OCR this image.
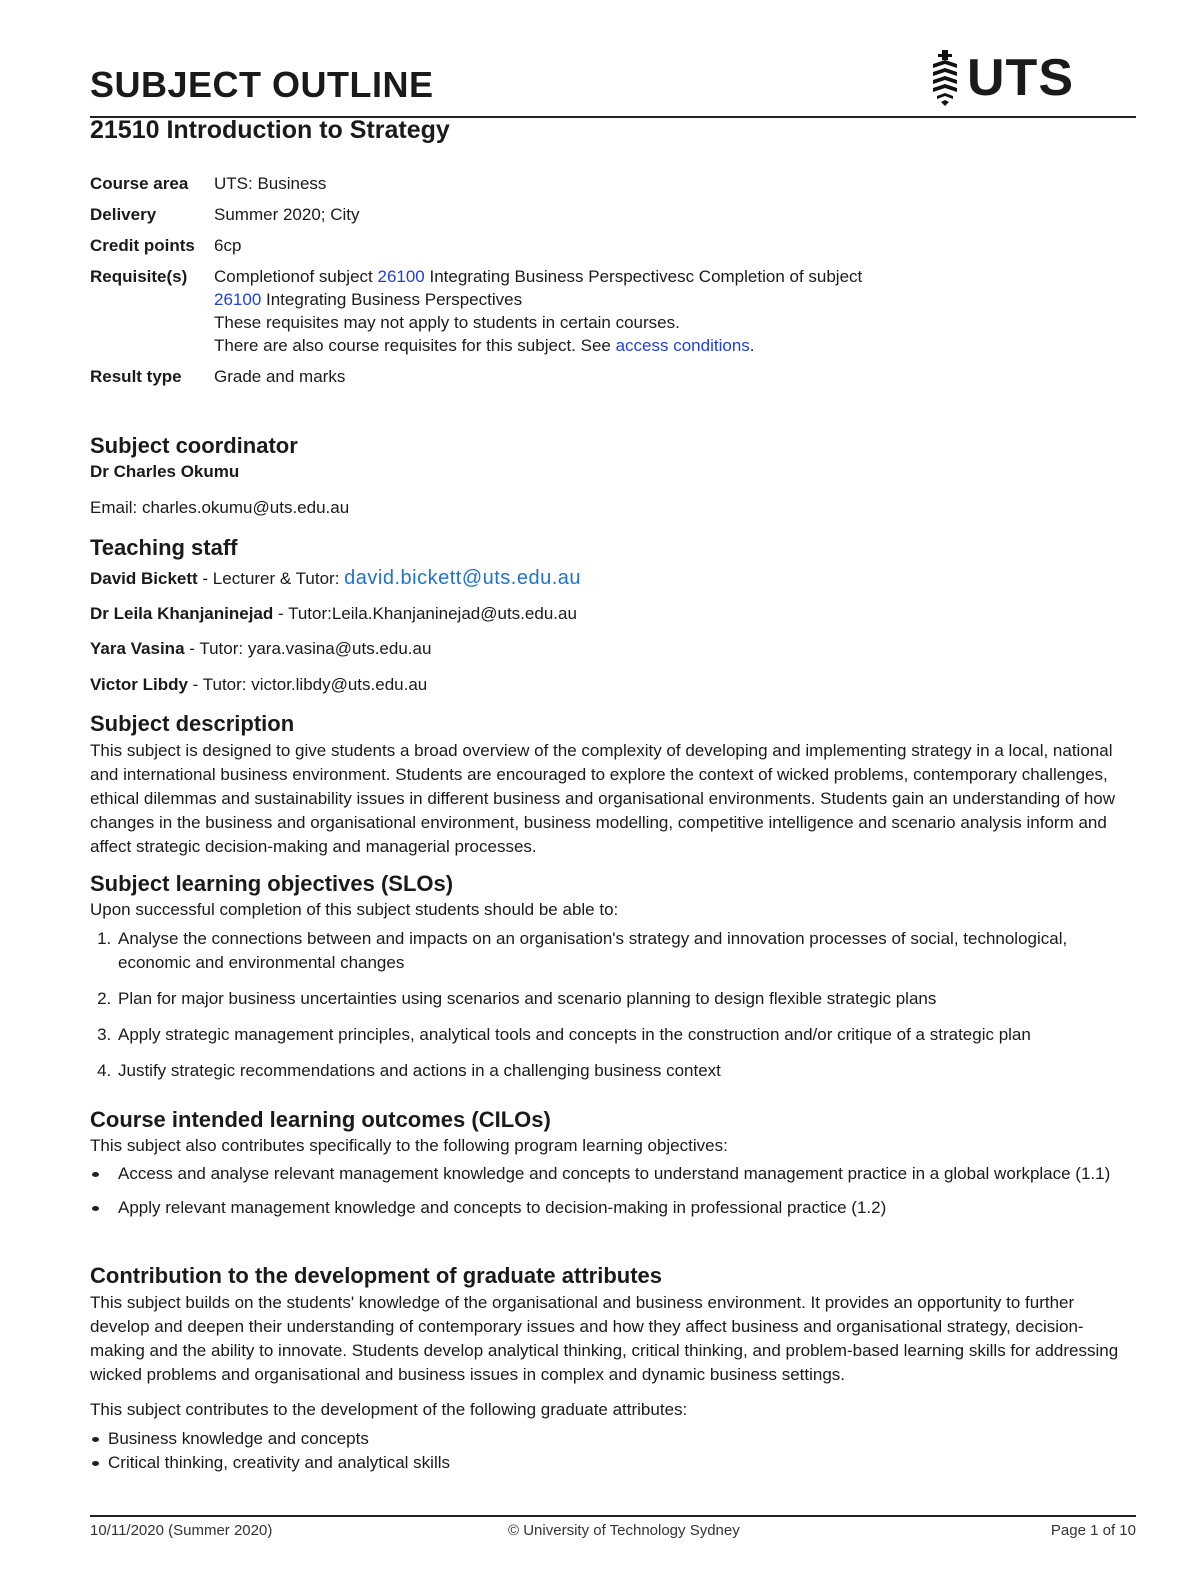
SUBJECT OUTLINE	UTS
21510 Introduction to Strategy
Course area	UTS: Business
Delivery	Summer 2020; City
Credit points	6cp
Requisite(s)	Completionof subject 26100 Integrating Business Perspectivesc Completion of subject
26100 Integrating Business Perspectives
These requisites may not apply to students in certain courses.
There are also course requisites for this subject. See access conditions.
Result type	Grade and marks
Subject coordinator
Dr Charles Okumu
Email: charles.okumu@uts.edu.au
Teaching staff
David Bickett - Lecturer & Tutor: david.bickett@uts.edu.au
Dr Leila Khanjaninejad - Tutor:Leila.Khanjaninejad@uts.edu.au
Yara Vasina - Tutor: yara.vasina@uts.edu.au
Victor Libdy - Tutor: victor.libdy@uts.edu.au
Subject description
This subject is designed to give students a broad overview of the complexity of developing and implementing strategy in a local, national and international business environment. Students are encouraged to explore the context of wicked problems, contemporary challenges, ethical dilemmas and sustainability issues in different business and organisational environments. Students gain an understanding of how changes in the business and organisational environment, business modelling, competitive intelligence and scenario analysis inform and affect strategic decision-making and managerial processes.
Subject learning objectives (SLOs)
Upon successful completion of this subject students should be able to:
1. Analyse the connections between and impacts on an organisation's strategy and innovation processes of social, technological, economic and environmental changes
2. Plan for major business uncertainties using scenarios and scenario planning to design flexible strategic plans
3. Apply strategic management principles, analytical tools and concepts in the construction and/or critique of a strategic plan
4. Justify strategic recommendations and actions in a challenging business context
Course intended learning outcomes (CILOs)
This subject also contributes specifically to the following program learning objectives:
Access and analyse relevant management knowledge and concepts to understand management practice in a global workplace (1.1)
Apply relevant management knowledge and concepts to decision-making in professional practice (1.2)
Contribution to the development of graduate attributes
This subject builds on the students' knowledge of the organisational and business environment. It provides an opportunity to further develop and deepen their understanding of contemporary issues and how they affect business and organisational strategy, decision-making and the ability to innovate. Students develop analytical thinking, critical thinking, and problem-based learning skills for addressing wicked problems and organisational and business issues in complex and dynamic business settings.
This subject contributes to the development of the following graduate attributes:
Business knowledge and concepts
Critical thinking, creativity and analytical skills
10/11/2020 (Summer 2020)	© University of Technology Sydney	Page 1 of 10
